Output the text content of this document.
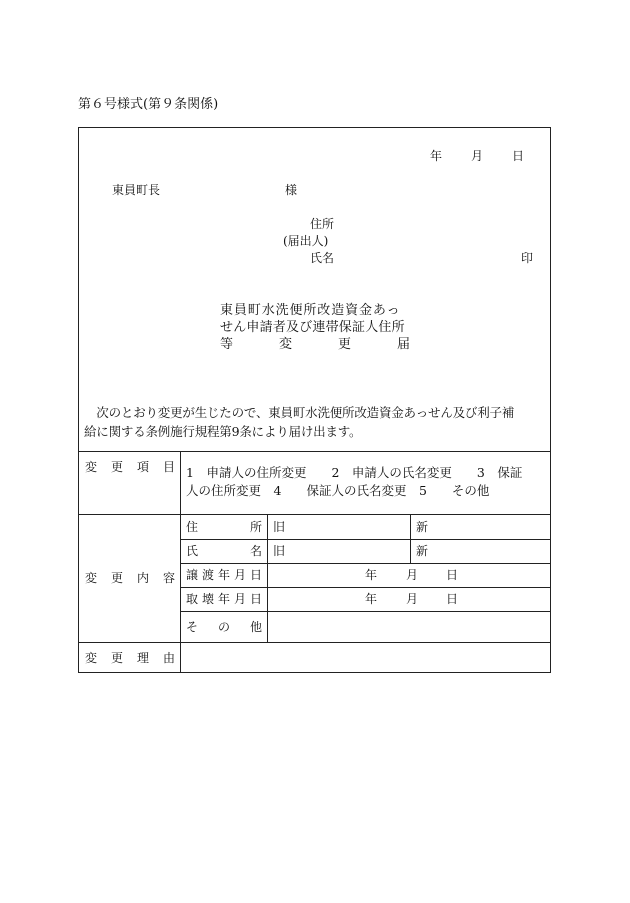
第６号様式(第９条関係)
年 月 日
東員町長	様
住所
(届出人)
氏名	印
東員町水洗便所改造資金あっ
せん申請者及び連帯保証人住所
等	変	更	届
　次のとおり変更が生じたので、東員町水洗便所改造資金あっせん及び利子補
給に関する条例施行規程第9条により届け出ます。
変 更 項 目 1　申請人の住所変更　　2　申請人の氏名変更　　3　保証
人の住所変更　4　　保証人の氏名変更　5　　その他
変 更 内 容
住	所 旧	新
氏	名 旧	新
譲 渡 年 月 日	年 月 日
取 壊 年 月 日	年 月 日
そ の 他
変 更 理 由
